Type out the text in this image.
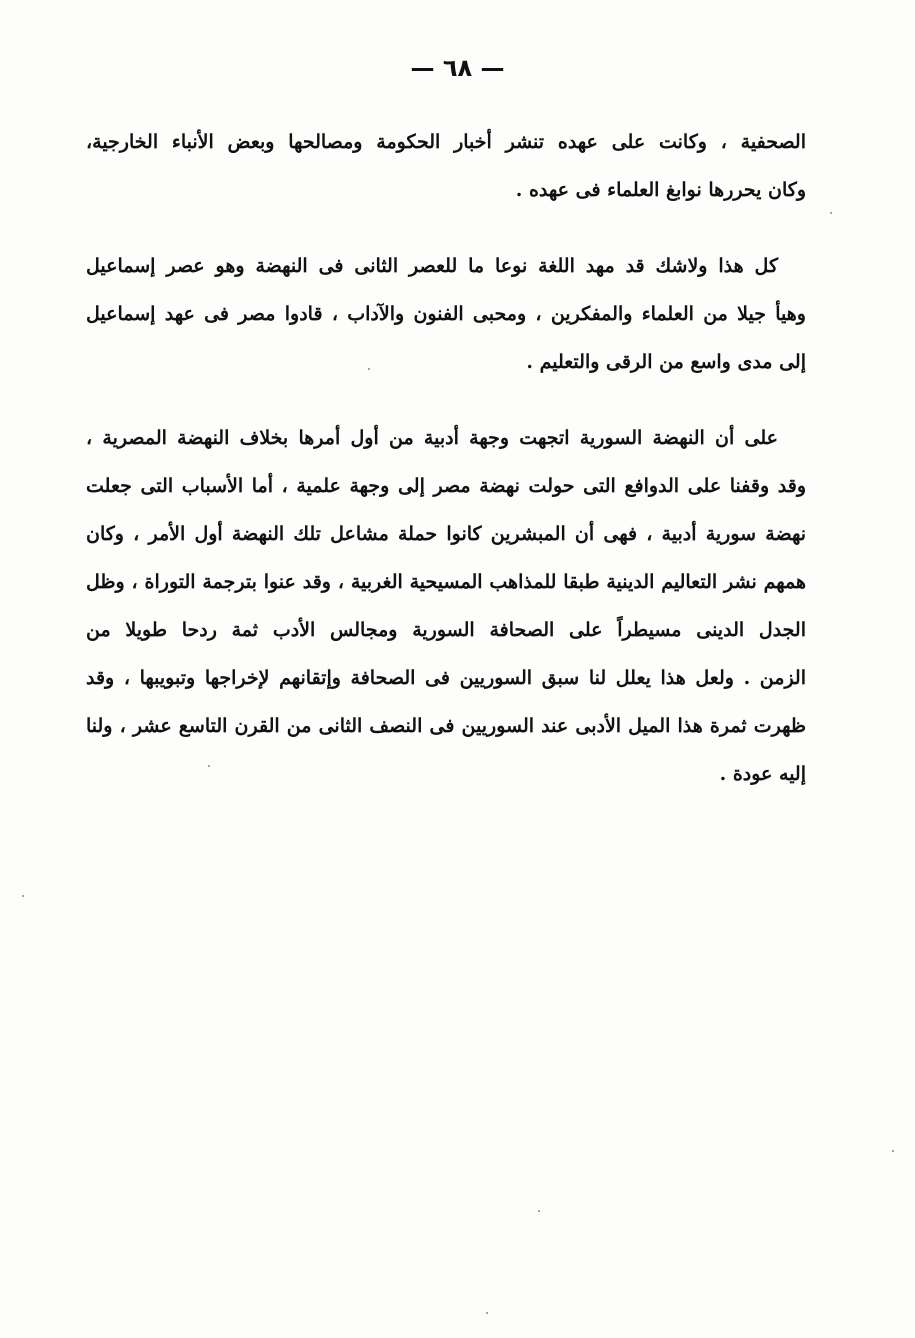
— ٦٨ —

الصحفية ، وكانت على عهده تنشر أخبار الحكومة ومصالحها وبعض الأنباء الخارجية،
وكان يحررها نوابغ العلماء فى عهده .

كل هذا ولاشك قد مهد اللغة نوعا ما للعصر الثانى فى النهضة وهو عصر إسماعيل
وهيأ جيلا من العلماء والمفكرين ، ومحبى الفنون والآداب ، قادوا مصر فى عهد إسماعيل
إلى مدى واسع من الرقى والتعليم .

على أن النهضة السورية اتجهت وجهة أدبية من أول أمرها بخلاف النهضة المصرية ،
وقد وقفنا على الدوافع التى حولت نهضة مصر إلى وجهة علمية ، أما الأسباب التى جعلت
نهضة سورية أدبية ، فهى أن المبشرين كانوا حملة مشاعل تلك النهضة أول الأمر ، وكان
همهم نشر التعاليم الدينية طبقا للمذاهب المسيحية الغربية ، وقد عنوا بترجمة التوراة ، وظل
الجدل الدينى مسيطراً على الصحافة السورية ومجالس الأدب ثمة ردحا طويلا من
الزمن . ولعل هذا يعلل لنا سبق السوريين فى الصحافة وإتقانهم لإخراجها وتبويبها ، وقد
ظهرت ثمرة هذا الميل الأدبى عند السوريين فى النصف الثانى من القرن التاسع عشر ، ولنا
إليه عودة .
